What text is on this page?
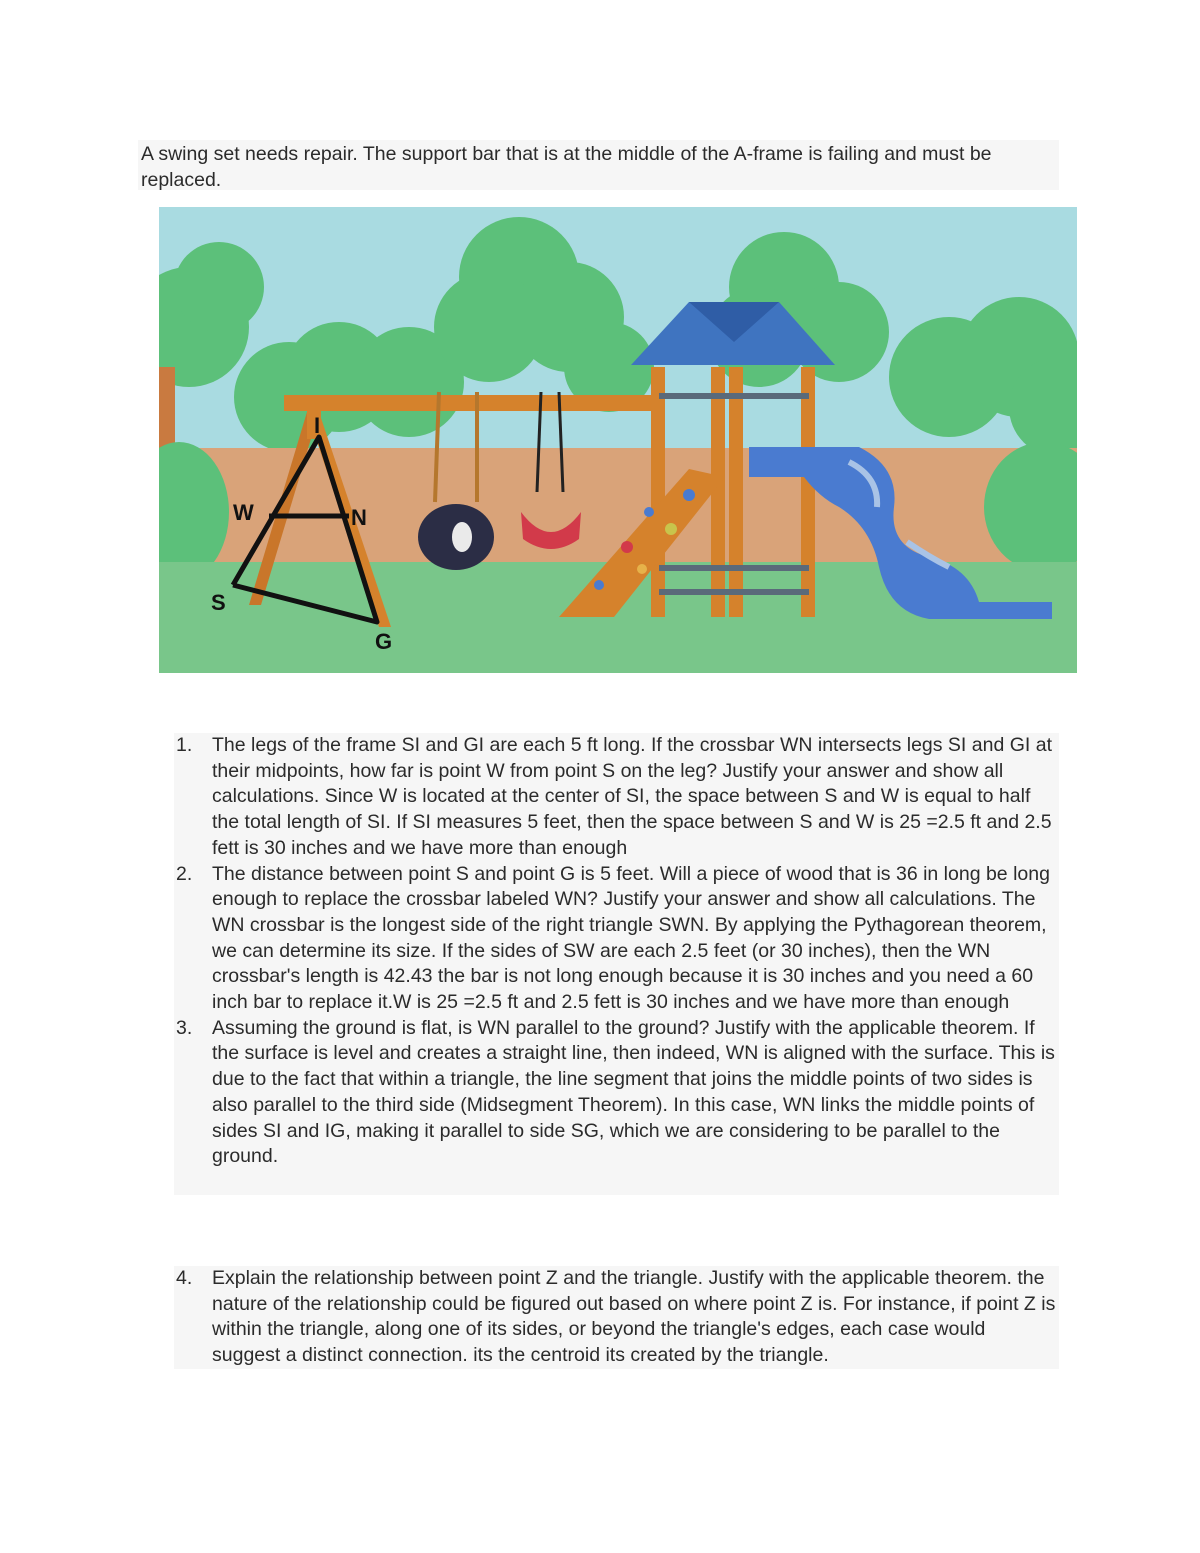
A swing set needs repair. The support bar that is at the middle of the A-frame is failing and must be replaced.

I
W	N
S
G
1. The legs of the frame SI and GI are each 5 ft long. If the crossbar WN intersects legs SI and GI at their midpoints, how far is point W from point S on the leg? Justify your answer and show all calculations. Since W is located at the center of SI, the space between S and W is equal to half the total length of SI. If SI measures 5 feet, then the space between S and W is 25 =2.5 ft and 2.5 fett is 30 inches and we have more than enough
2. The distance between point S and point G is 5 feet. Will a piece of wood that is 36 in long be long enough to replace the crossbar labeled WN? Justify your answer and show all calculations. The WN crossbar is the longest side of the right triangle SWN. By applying the Pythagorean theorem, we can determine its size. If the sides of SW are each 2.5 feet (or 30 inches), then the WN crossbar's length is 42.43 the bar is not long enough because it is 30 inches and you need a 60 inch bar to replace it.W is 25 =2.5 ft and 2.5 fett is 30 inches and we have more than enough
3. Assuming the ground is flat, is WN parallel to the ground? Justify with the applicable theorem. If the surface is level and creates a straight line, then indeed, WN is aligned with the surface. This is due to the fact that within a triangle, the line segment that joins the middle points of two sides is also parallel to the third side (Midsegment Theorem). In this case, WN links the middle points of sides SI and IG, making it parallel to side SG, which we are considering to be parallel to the ground.
4. Explain the relationship between point Z and the triangle. Justify with the applicable theorem. the nature of the relationship could be figured out based on where point Z is. For instance, if point Z is within the triangle, along one of its sides, or beyond the triangle's edges, each case would suggest a distinct connection. its the centroid its created by the triangle.
